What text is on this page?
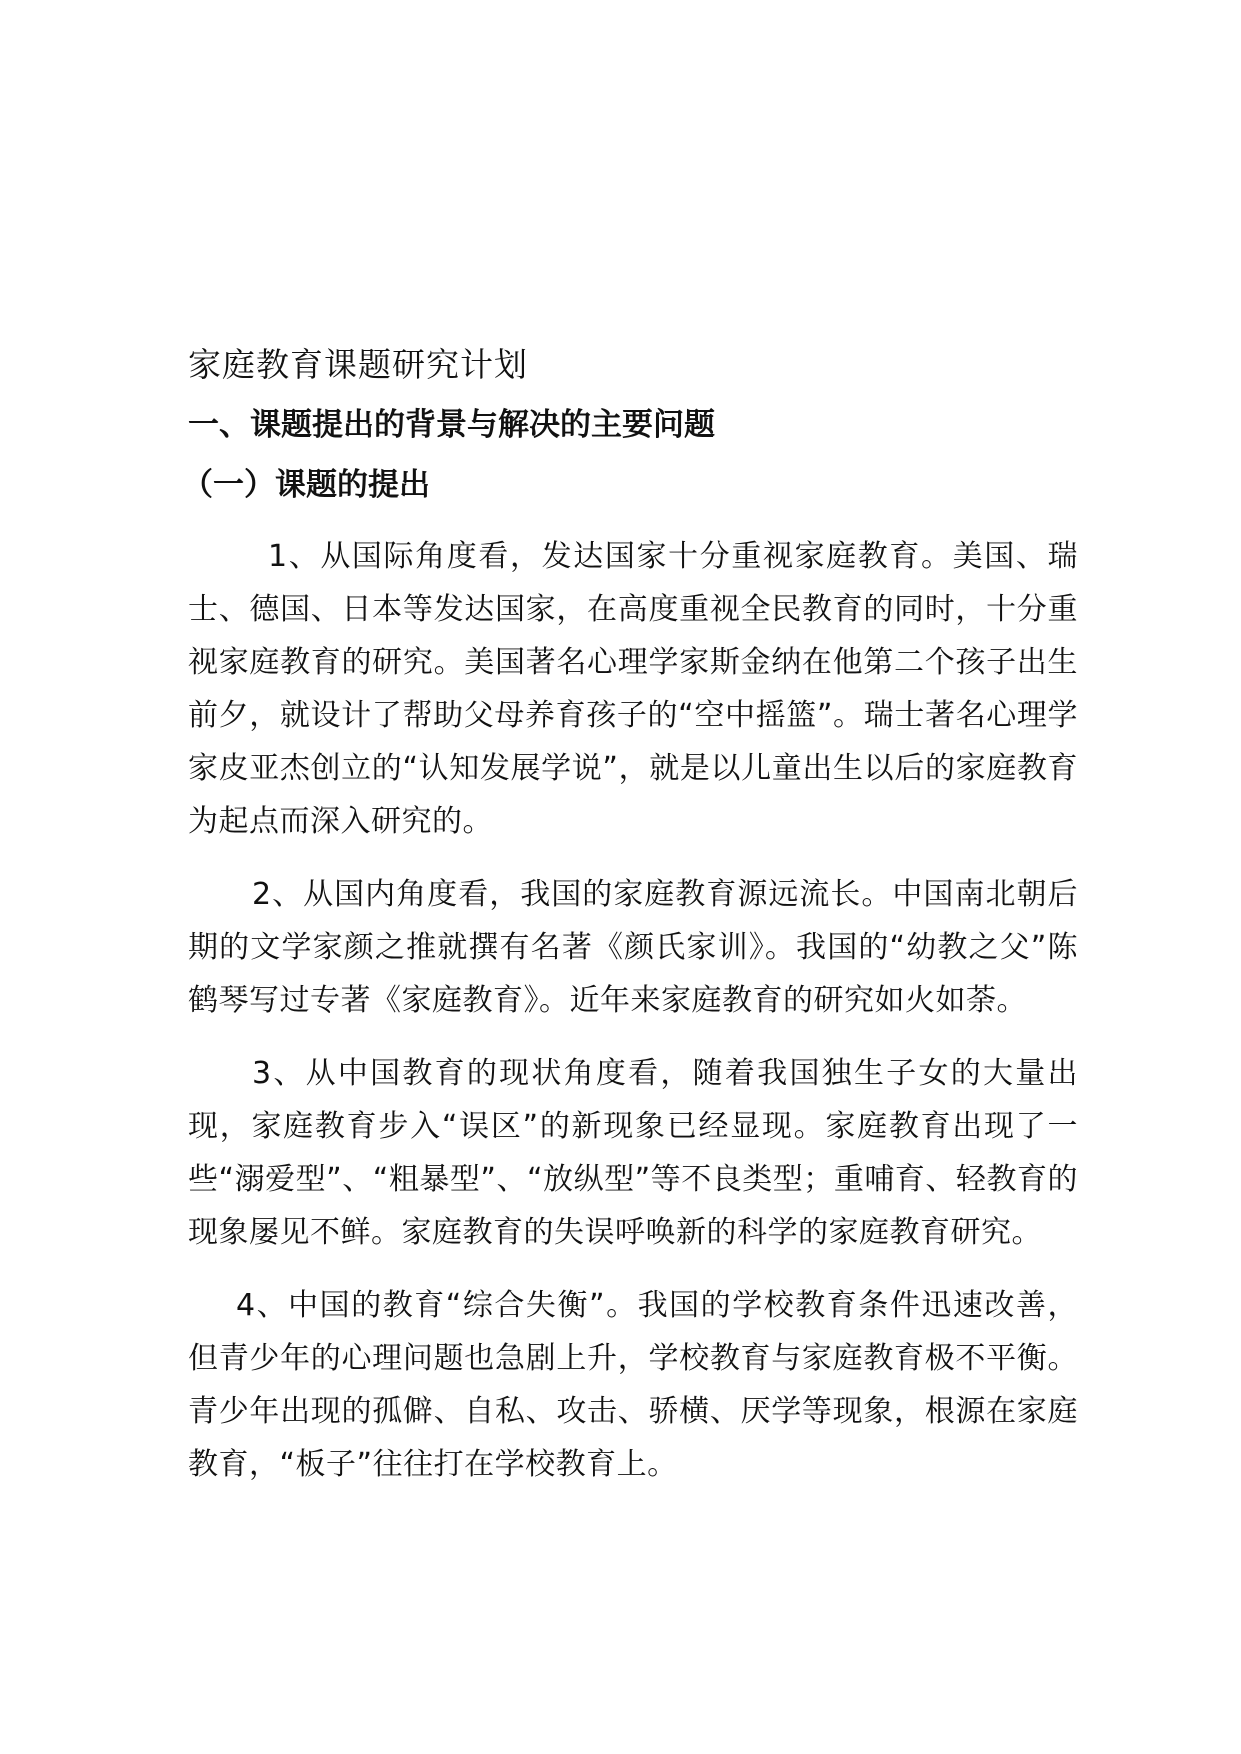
家庭教育课题研究计划
一、课题提出的背景与解决的主要问题
（一）课题的提出

1、从国际角度看，发达国家十分重视家庭教育。美国、瑞士、德国、日本等发达国家，在高度重视全民教育的同时，十分重视家庭教育的研究。美国著名心理学家斯金纳在他第二个孩子出生前夕，就设计了帮助父母养育孩子的“空中摇篮”。瑞士著名心理学家皮亚杰创立的“认知发展学说”，就是以儿童出生以后的家庭教育为起点而深入研究的。

2、从国内角度看，我国的家庭教育源远流长。中国南北朝后期的文学家颜之推就撰有名著《颜氏家训》。我国的“幼教之父”陈鹤琴写过专著《家庭教育》。近年来家庭教育的研究如火如荼。

3、从中国教育的现状角度看，随着我国独生子女的大量出现，家庭教育步入“误区”的新现象已经显现。家庭教育出现了一些“溺爱型”、“粗暴型”、“放纵型”等不良类型；重哺育、轻教育的现象屡见不鲜。家庭教育的失误呼唤新的科学的家庭教育研究。

4、中国的教育“综合失衡”。我国的学校教育条件迅速改善，但青少年的心理问题也急剧上升，学校教育与家庭教育极不平衡。青少年出现的孤僻、自私、攻击、骄横、厌学等现象，根源在家庭教育，“板子”往往打在学校教育上。
